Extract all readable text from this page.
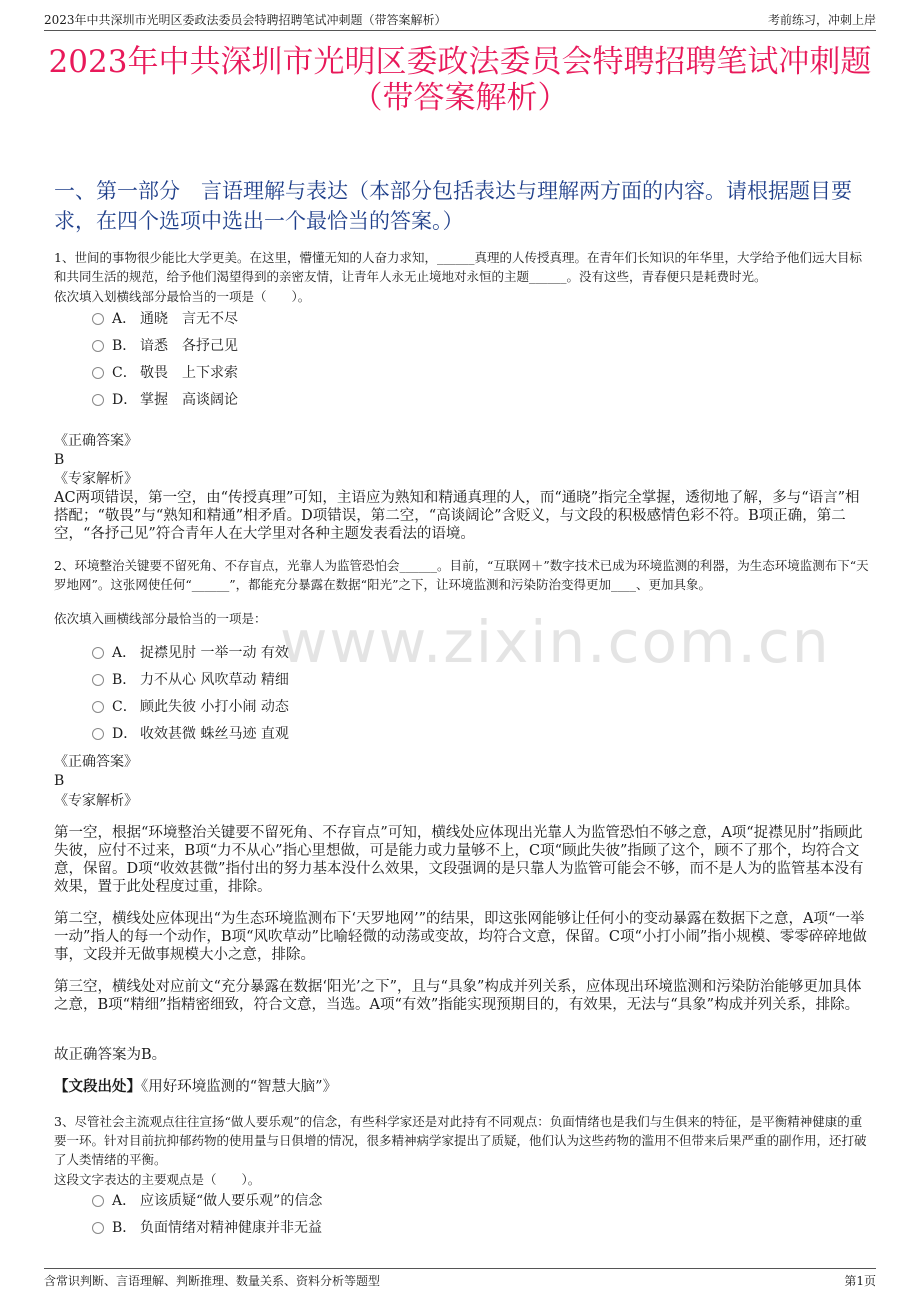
2023年中共深圳市光明区委政法委员会特聘招聘笔试冲刺题（带答案解析）	考前练习，冲刺上岸
2023年中共深圳市光明区委政法委员会特聘招聘笔试冲刺题
（带答案解析）
一、第一部分　言语理解与表达（本部分包括表达与理解两方面的内容。请根据题目要求，在四个选项中选出一个最恰当的答案。）
www.zixin.com.cn
1、世间的事物很少能比大学更美。在这里，懵懂无知的人奋力求知，______真理的人传授真理。在青年们长知识的年华里，大学给予他们远大目标和共同生活的规范，给予他们渴望得到的亲密友情，让青年人永无止境地对永恒的主题______。没有这些，青春便只是耗费时光。
依次填入划横线部分最恰当的一项是（　　）。
A． 通晓　言无不尽
B． 谙悉　各抒己见
C． 敬畏　上下求索
D． 掌握　高谈阔论
《正确答案》
B
《专家解析》
AC两项错误，第一空，由“传授真理”可知，主语应为熟知和精通真理的人，而“通晓”指完全掌握，透彻地了解，多与“语言”相搭配；“敬畏”与“熟知和精通”相矛盾。D项错误，第二空，“高谈阔论”含贬义，与文段的积极感情色彩不符。B项正确，第二空，“各抒己见”符合青年人在大学里对各种主题发表看法的语境。
2、环境整治关键要不留死角、不存盲点，光靠人为监管恐怕会______。目前，“互联网＋”数字技术已成为环境监测的利器，为生态环境监测布下“天罗地网”。这张网使任何“______”，都能充分暴露在数据“阳光”之下，让环境监测和污染防治变得更加____、更加具象。
依次填入画横线部分最恰当的一项是：
A． 捉襟见肘 一举一动 有效
B． 力不从心 风吹草动 精细
C． 顾此失彼 小打小闹 动态
D． 收效甚微 蛛丝马迹 直观
《正确答案》
B
《专家解析》
第一空，根据“环境整治关键要不留死角、不存盲点”可知，横线处应体现出光靠人为监管恐怕不够之意，A项“捉襟见肘”指顾此失彼，应付不过来，B项“力不从心”指心里想做，可是能力或力量够不上，C项“顾此失彼”指顾了这个，顾不了那个，均符合文意，保留。D项“收效甚微”指付出的努力基本没什么效果，文段强调的是只靠人为监管可能会不够，而不是人为的监管基本没有效果，置于此处程度过重，排除。
第二空，横线处应体现出“为生态环境监测布下‘天罗地网’”的结果，即这张网能够让任何小的变动暴露在数据下之意，A项“一举一动”指人的每一个动作，B项“风吹草动”比喻轻微的动荡或变故，均符合文意，保留。C项“小打小闹”指小规模、零零碎碎地做事，文段并无做事规模大小之意，排除。
第三空，横线处对应前文“充分暴露在数据‘阳光’之下”，且与“具象”构成并列关系，应体现出环境监测和污染防治能够更加具体之意，B项“精细”指精密细致，符合文意，当选。A项“有效”指能实现预期目的，有效果，无法与“具象”构成并列关系，排除。
故正确答案为B。
【文段出处】《用好环境监测的“智慧大脑”》
3、尽管社会主流观点往往宣扬“做人要乐观”的信念，有些科学家还是对此持有不同观点：负面情绪也是我们与生俱来的特征，是平衡精神健康的重要一环。针对目前抗抑郁药物的使用量与日俱增的情况，很多精神病学家提出了质疑，他们认为这些药物的滥用不但带来后果严重的副作用，还打破了人类情绪的平衡。
这段文字表达的主要观点是（　　）。
A． 应该质疑“做人要乐观”的信念
B． 负面情绪对精神健康并非无益
含常识判断、言语理解、判断推理、数量关系、资料分析等题型	第1页
